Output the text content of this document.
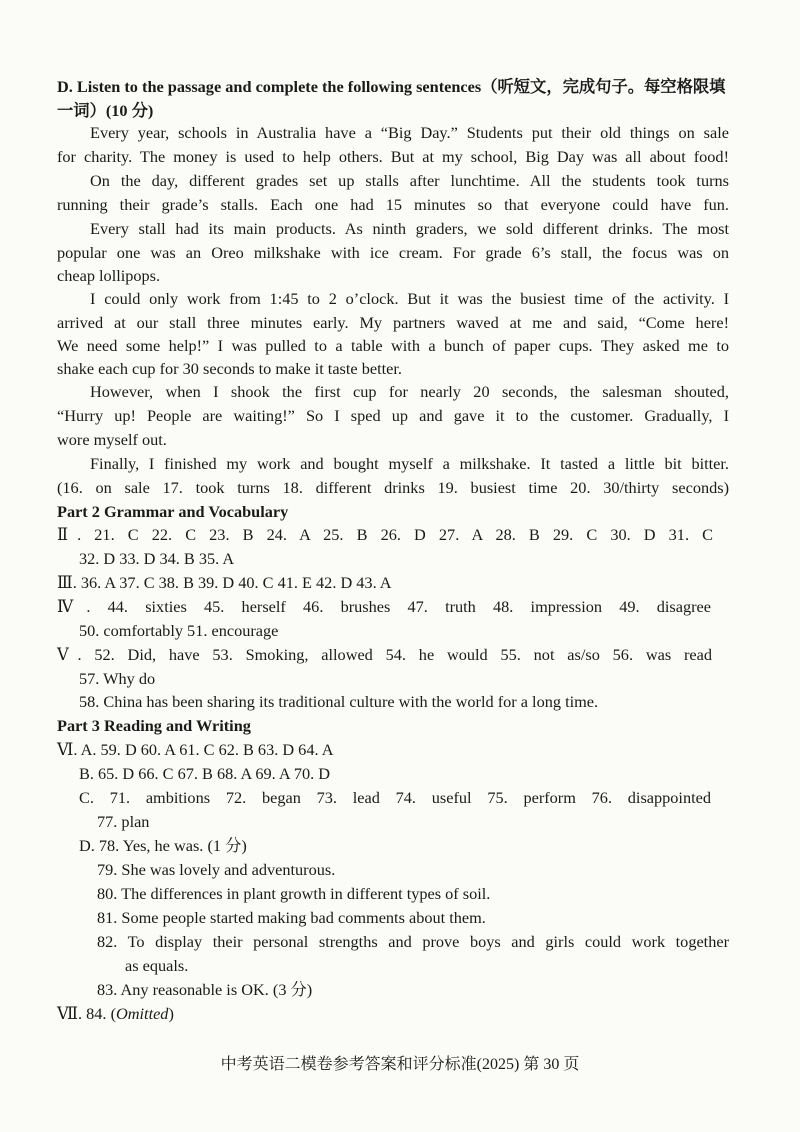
D. Listen to the passage and complete the following sentences（听短文，完成句子。每空格限填
一词）(10 分)
Every year, schools in Australia have a “Big Day.” Students put their old things on sale
for charity. The money is used to help others. But at my school, Big Day was all about food!
On the day, different grades set up stalls after lunchtime. All the students took turns
running their grade’s stalls. Each one had 15 minutes so that everyone could have fun.
Every stall had its main products. As ninth graders, we sold different drinks. The most
popular one was an Oreo milkshake with ice cream. For grade 6’s stall, the focus was on
cheap lollipops.
I could only work from 1:45 to 2 o’clock. But it was the busiest time of the activity. I
arrived at our stall three minutes early. My partners waved at me and said, “Come here!
We need some help!” I was pulled to a table with a bunch of paper cups. They asked me to
shake each cup for 30 seconds to make it taste better.
However, when I shook the first cup for nearly 20 seconds, the salesman shouted,
“Hurry up! People are waiting!” So I sped up and gave it to the customer. Gradually, I
wore myself out.
Finally, I finished my work and bought myself a milkshake. It tasted a little bit bitter.
(16. on sale 17. took turns 18. different drinks 19. busiest time 20. 30/thirty seconds)
Part 2 Grammar and Vocabulary
Ⅱ. 21. C 22. C 23. B 24. A 25. B 26. D 27. A 28. B 29. C 30. D 31. C
32. D 33. D 34. B 35. A
Ⅲ. 36. A 37. C 38. B 39. D 40. C 41. E 42. D 43. A
Ⅳ. 44. sixties 45. herself 46. brushes 47. truth 48. impression 49. disagree
50. comfortably 51. encourage
Ⅴ. 52. Did, have 53. Smoking, allowed 54. he would 55. not as/so 56. was read
57. Why do
58. China has been sharing its traditional culture with the world for a long time.
Part 3 Reading and Writing
Ⅵ. A. 59. D 60. A 61. C 62. B 63. D 64. A
B. 65. D 66. C 67. B 68. A 69. A 70. D
C. 71. ambitions 72. began 73. lead 74. useful 75. perform 76. disappointed
77. plan
D. 78. Yes, he was. (1 分)
79. She was lovely and adventurous.
80. The differences in plant growth in different types of soil.
81. Some people started making bad comments about them.
82. To display their personal strengths and prove boys and girls could work together
as equals.
83. Any reasonable is OK. (3 分)
Ⅶ. 84. (Omitted)
中考英语二模卷参考答案和评分标准(2025) 第 30 页
